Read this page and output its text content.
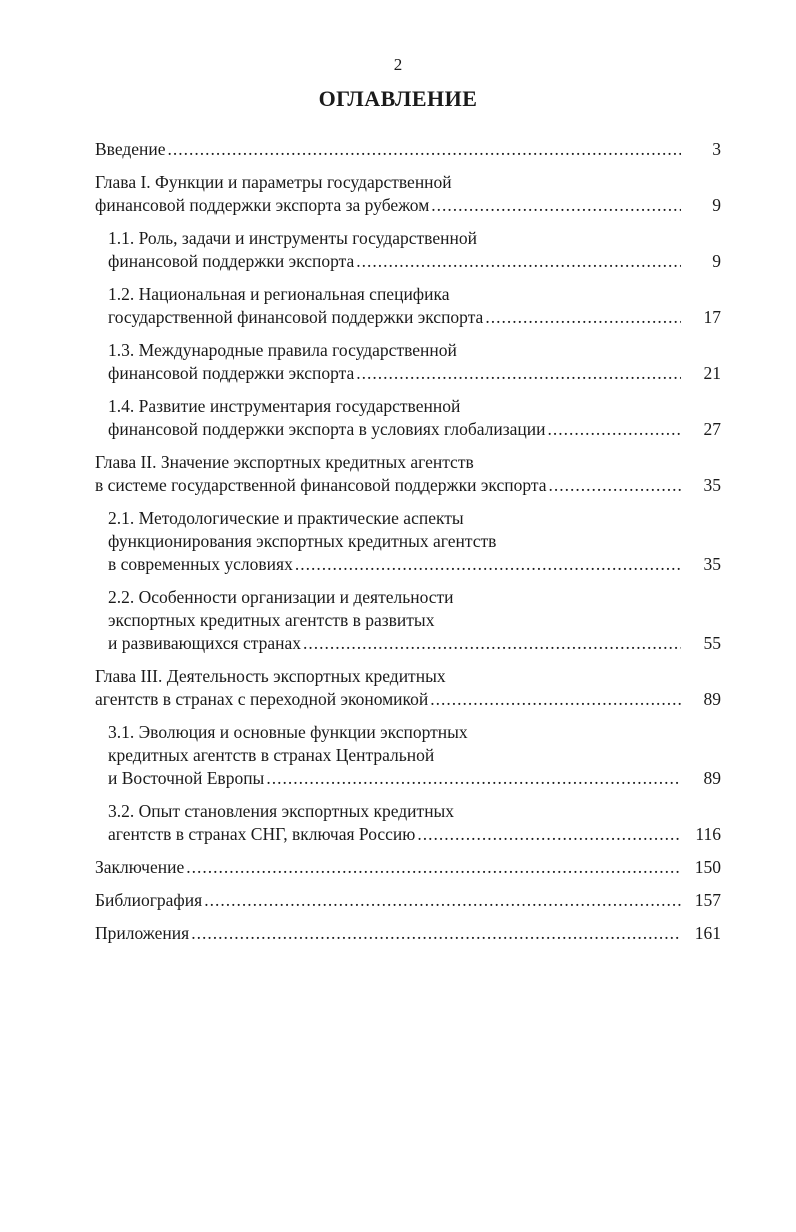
2
ОГЛАВЛЕНИЕ
Введение .....	3
Глава I. Функции и параметры государственной
финансовой поддержки экспорта за рубежом .....	9
1.1. Роль, задачи и инструменты государственной
финансовой поддержки экспорта .....	9
1.2. Национальная и региональная специфика
государственной финансовой поддержки экспорта .....	17
1.3. Международные правила государственной
финансовой поддержки экспорта .....	21
1.4. Развитие инструментария государственной
финансовой поддержки экспорта в условиях глобализации .....	27
Глава II. Значение экспортных кредитных агентств
в системе государственной финансовой поддержки экспорта .....	35
2.1. Методологические и практические аспекты
функционирования экспортных кредитных агентств
в современных условиях .....	35
2.2. Особенности организации и деятельности
экспортных кредитных агентств в развитых
и развивающихся странах .....	55
Глава III. Деятельность экспортных кредитных
агентств в странах с переходной экономикой .....	89
3.1. Эволюция и основные функции экспортных
кредитных агентств в странах Центральной
и Восточной Европы .....	89
3.2. Опыт становления экспортных кредитных
агентств в странах СНГ, включая Россию .....	116
Заключение .....	150
Библиография .....	157
Приложения .....	161
